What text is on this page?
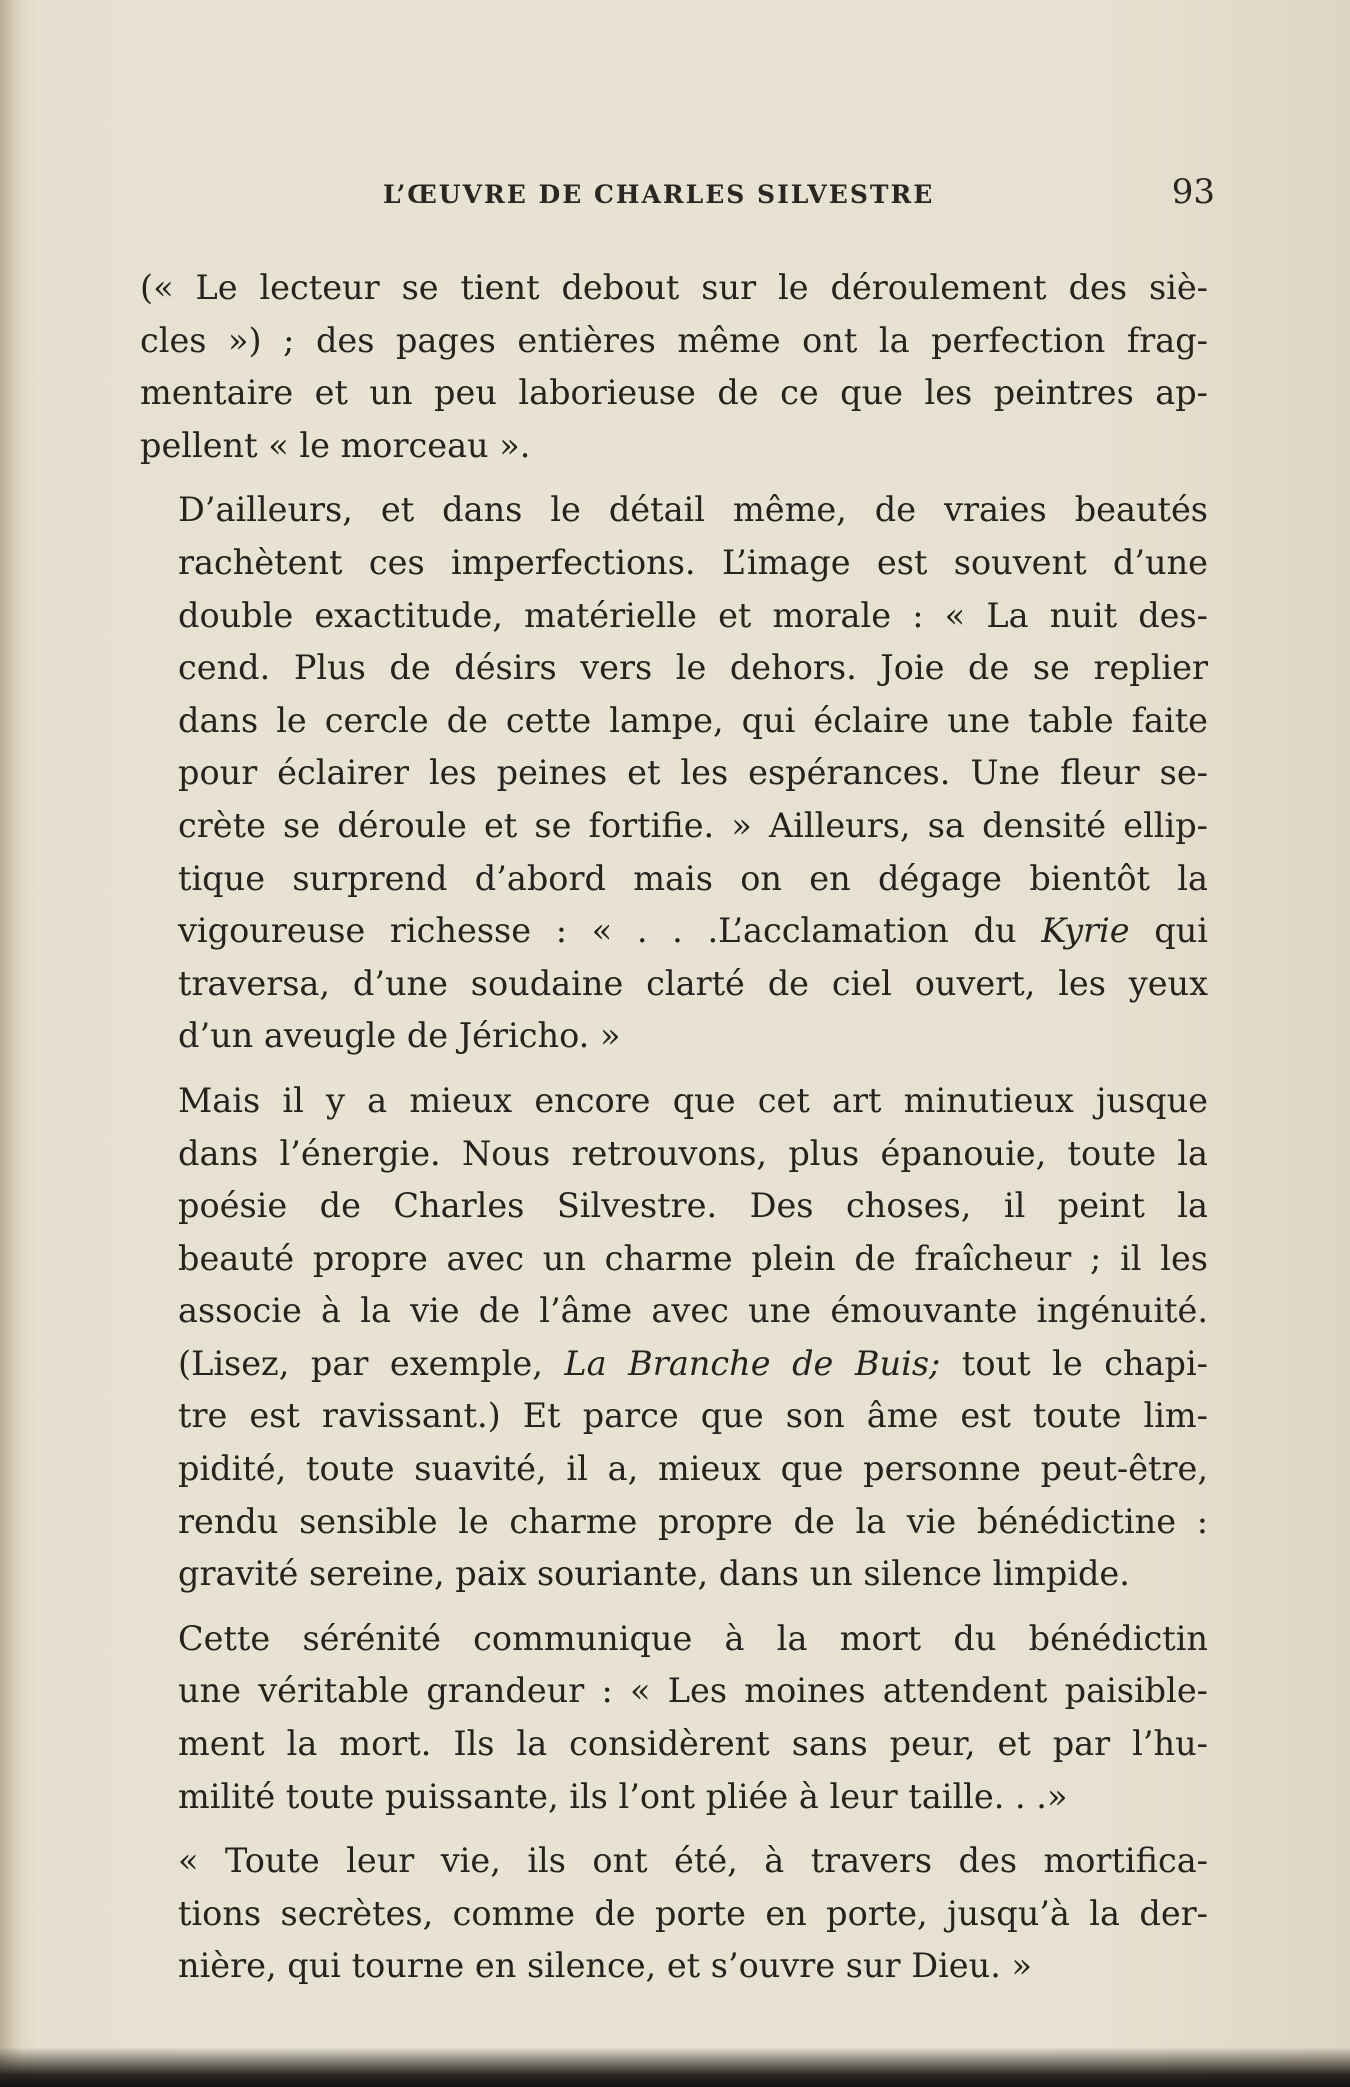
L’ŒUVRE DE CHARLES SILVESTRE	93

(« Le lecteur se tient debout sur le déroulement des siè-
cles ») ; des pages entières même ont la perfection frag-
mentaire et un peu laborieuse de ce que les peintres ap-
pellent « le morceau ».

D’ailleurs, et dans le détail même, de vraies beautés
rachètent ces imperfections. L’image est souvent d’une
double exactitude, matérielle et morale : « La nuit des-
cend. Plus de désirs vers le dehors. Joie de se replier
dans le cercle de cette lampe, qui éclaire une table faite
pour éclairer les peines et les espérances. Une fleur se-
crète se déroule et se fortifie. » Ailleurs, sa densité ellip-
tique surprend d’abord mais on en dégage bientôt la
vigoureuse richesse : « . . .L’acclamation du Kyrie qui
traversa, d’une soudaine clarté de ciel ouvert, les yeux
d’un aveugle de Jéricho. »

Mais il y a mieux encore que cet art minutieux jusque
dans l’énergie. Nous retrouvons, plus épanouie, toute la
poésie de Charles Silvestre. Des choses, il peint la
beauté propre avec un charme plein de fraîcheur ; il les
associe à la vie de l’âme avec une émouvante ingénuité.
(Lisez, par exemple, La Branche de Buis; tout le chapi-
tre est ravissant.) Et parce que son âme est toute lim-
pidité, toute suavité, il a, mieux que personne peut-être,
rendu sensible le charme propre de la vie bénédictine :
gravité sereine, paix souriante, dans un silence limpide.

Cette sérénité communique à la mort du bénédictin
une véritable grandeur : « Les moines attendent paisible-
ment la mort. Ils la considèrent sans peur, et par l’hu-
milité toute puissante, ils l’ont pliée à leur taille. . .»

« Toute leur vie, ils ont été, à travers des mortifica-
tions secrètes, comme de porte en porte, jusqu’à la der-
nière, qui tourne en silence, et s’ouvre sur Dieu. »
